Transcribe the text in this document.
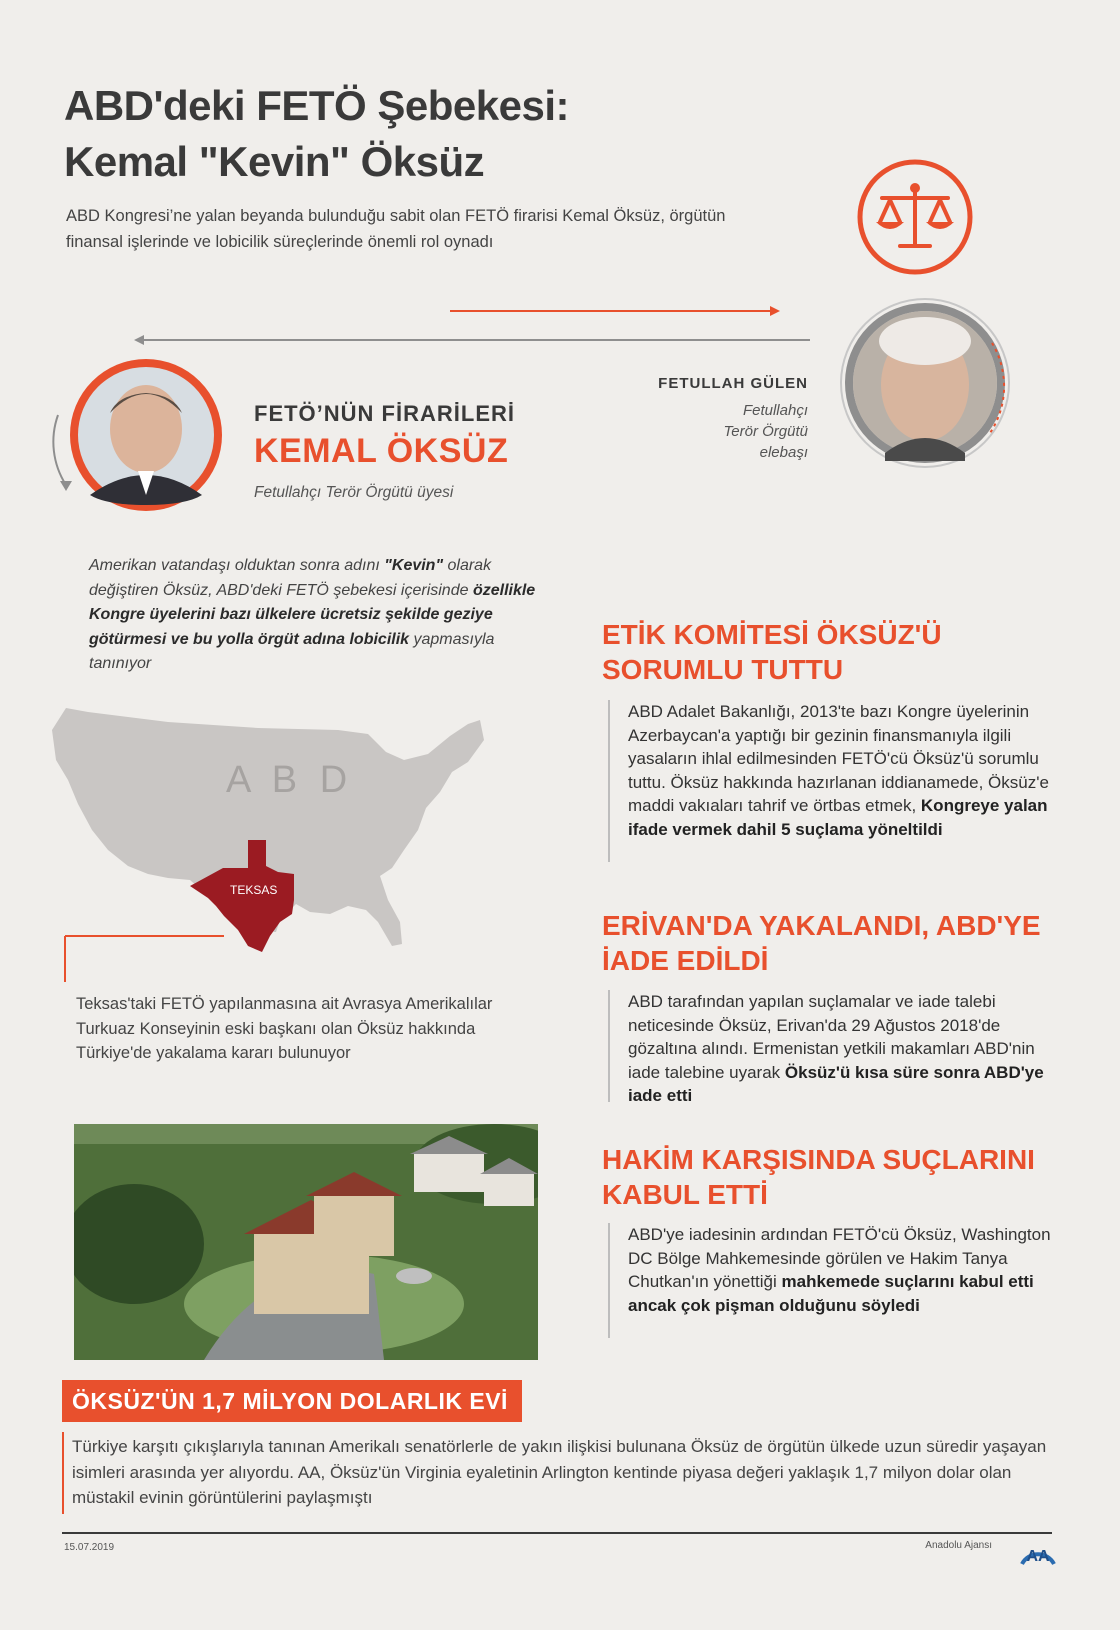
ABD'deki FETÖ Şebekesi:
Kemal "Kevin" Öksüz

ABD Kongresi’ne yalan beyanda bulunduğu sabit olan FETÖ firarisi Kemal Öksüz, örgütün finansal işlerinde ve lobicilik süreçlerinde önemli rol oynadı

FETULLAH GÜLEN
Fetullahçı
Terör Örgütü
elebaşı
FETÖ’NÜN FİRARİLERİ
KEMAL ÖKSÜZ
Fetullahçı Terör Örgütü üyesi

Amerikan vatandaşı olduktan sonra adını "Kevin" olarak değiştiren Öksüz, ABD'deki FETÖ şebekesi içerisinde özellikle Kongre üyelerini bazı ülkelere ücretsiz şekilde geziye götürmesi ve bu yolla örgüt adına lobicilik yapmasıyla tanınıyor

A B D
TEKSAS

Teksas'taki FETÖ yapılanmasına ait Avrasya Amerikalılar Turkuaz Konseyinin eski başkanı olan Öksüz hakkında Türkiye'de yakalama kararı bulunuyor

ETİK KOMİTESİ ÖKSÜZ'Ü
SORUMLU TUTTU

ABD Adalet Bakanlığı, 2013'te bazı Kongre üyelerinin Azerbaycan'a yaptığı bir gezinin finansmanıyla ilgili yasaların ihlal edilmesinden FETÖ'cü Öksüz'ü sorumlu tuttu. Öksüz hakkında hazırlanan iddianamede, Öksüz'e maddi vakıaları tahrif ve örtbas etmek, Kongreye yalan ifade vermek dahil 5 suçlama yöneltildi

ERİVAN'DA YAKALANDI, ABD'YE
İADE EDİLDİ

ABD tarafından yapılan suçlamalar ve iade talebi neticesinde Öksüz, Erivan'da 29 Ağustos 2018'de gözaltına alındı. Ermenistan yetkili makamları ABD'nin iade talebine uyarak Öksüz'ü kısa süre sonra ABD'ye iade etti

HAKİM KARŞISINDA SUÇLARINI
KABUL ETTİ

ABD'ye iadesinin ardından FETÖ'cü Öksüz, Washington DC Bölge Mahkemesinde görülen ve Hakim Tanya Chutkan'ın yönettiği mahkemede suçlarını kabul etti ancak çok pişman olduğunu söyledi

ÖKSÜZ'ÜN 1,7 MİLYON DOLARLIK EVİ

Türkiye karşıtı çıkışlarıyla tanınan Amerikalı senatörlerle de yakın ilişkisi bulunana Öksüz de örgütün ülkede uzun süredir yaşayan isimleri arasında yer alıyordu. AA, Öksüz'ün Virginia eyaletinin Arlington kentinde piyasa değeri yaklaşık 1,7 milyon dolar olan müstakil evinin görüntülerini paylaşmıştı

15.07.2019	Anadolu Ajansı
AA
